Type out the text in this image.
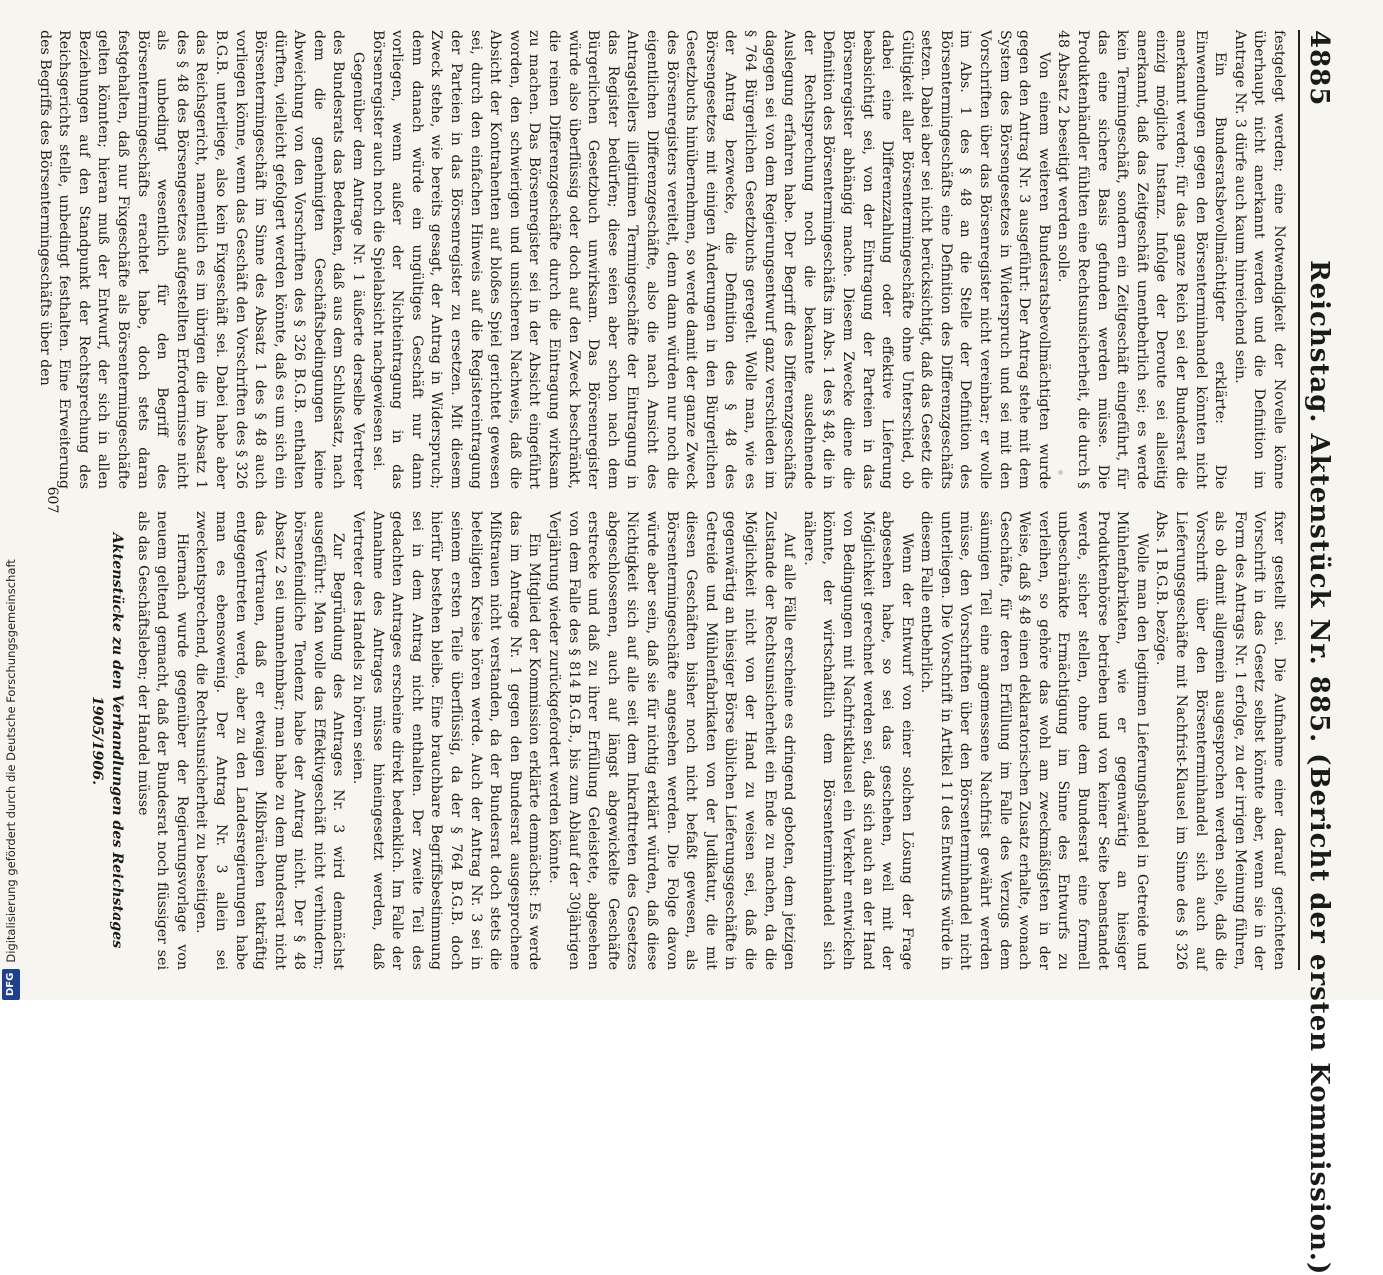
DFG
Digitalisierung gefördert durch die Deutsche Forschungsgemeinschaft
4885
Reichstag. Aktenstück Nr. 885. (Bericht der ersten Kommission.)

festgelegt werden; eine Notwendigkeit der Novelle könne überhaupt nicht anerkannt werden und die Definition im Antrage Nr. 3 dürfe auch kaum hinreichend sein.

Ein Bundesratsbevollmächtigter erklärte: Die Einwendungen gegen den Börsenterminhandel könnten nicht anerkannt werden; für das ganze Reich sei der Bundesrat die einzig mögliche Instanz. Infolge der Deroute sei allseitig anerkannt, daß das Zeitgeschäft unentbehrlich sei; es werde kein Termingeschäft, sondern ein Zeitgeschäft eingeführt, für das eine sichere Basis gefunden werden müsse. Die Produktenhändler fühlten eine Rechtsunsicherheit, die durch § 48 Absatz 2 beseitigt werden solle.

Von einem weiteren Bundesratsbevollmächtigten wurde gegen den Antrag Nr. 3 ausgeführt: Der Antrag stehe mit dem System des Börsengesetzes in Widerspruch und sei mit den Vorschriften über das Börsenregister nicht vereinbar; er wolle im Abs. 1 des § 48 an die Stelle der Definition des Börsentermingeschäfts eine Definition des Differenzgeschäfts setzen. Dabei aber sei nicht berücksichtigt, daß das Gesetz die Gültigkeit aller Börsentermingeschäfte ohne Unterschied, ob dabei eine Differenzzahlung oder effektive Lieferung beabsichtigt sei, von der Eintragung der Parteien in das Börsenregister abhängig mache. Diesem Zwecke diene die Definition des Börsentermingeschäfts im Abs. 1 des § 48, die in der Rechtsprechung noch die bekannte ausdehnende Auslegung erfahren habe. Der Begriff des Differenzgeschäfts dagegen sei von dem Regierungsentwurf ganz verschieden im § 764 Bürgerlichen Gesetzbuchs geregelt. Wolle man, wie es der Antrag bezwecke, die Definition des § 48 des Börsengesetzes mit einigen Änderungen in den Bürgerlichen Gesetzbuchs hinübernehmen, so werde damit der ganze Zweck des Börsenregisters vereitelt, denn dann würden nur noch die eigentlichen Differenzgeschäfte, also die nach Ansicht des Antragstellers illegitimen Termingeschäfte der Eintragung in das Register bedürfen; diese seien aber schon nach dem Bürgerlichen Gesetzbuch unwirksam. Das Börsenregister würde also überflüssig oder doch auf den Zweck beschränkt, die reinen Differenzgeschäfte durch die Eintragung wirksam zu machen. Das Börsenregister sei in der Absicht eingeführt worden, den schwierigen und unsicheren Nachweis, daß die Absicht der Kontrahenten auf bloßes Spiel gerichtet gewesen sei, durch den einfachen Hinweis auf die Registereintragung der Parteien in das Börsenregister zu ersetzen. Mit diesem Zweck stehe, wie bereits gesagt, der Antrag in Widerspruch; denn danach würde ein ungültiges Geschäft nur dann vorliegen, wenn außer der Nichteintragung in das Börsenregister auch noch die Spielabsicht nachgewiesen sei.

Gegenüber dem Antrage Nr. 1 äußerte derselbe Vertreter des Bundesrats das Bedenken, daß aus dem Schlußsatz, nach dem die genehmigten Geschäftsbedingungen keine Abweichung von den Vorschriften des § 326 B.G.B. enthalten dürften, vielleicht gefolgert werden könnte, daß es um sich ein Börsentermingeschäft im Sinne des Absatz 1 des § 48 auch vorliegen könne, wenn das Geschäft den Vorschriften des § 326 B.G.B. unterliege, also kein Fixgeschäft sei. Dabei habe aber das Reichsgericht, namentlich es im übrigen die im Absatz 1 des § 48 des Börsengesetzes aufgestellten Erfordernisse nicht als unbedingt wesentlich für den Begriff des Börsentermingeschäfts erachtet habe, doch stets daran festgehalten, daß nur Fixgeschäfte als Börsentermingeschäfte gelten könnten; hieran muß der Entwurf, der sich in allen Beziehungen auf den Standpunkt der Rechtsprechung des Reichsgerichts stelle, unbedingt festhalten. Eine Erweiterung des Begriffs des Börsentermingeschäfts über den

fixer gestellt sei. Die Aufnahme einer darauf gerichteten Vorschrift in das Gesetz selbst könnte aber, wenn sie in der Form des Antrags Nr. 1 erfolge, zu der irrigen Meinung führen, als ob damit allgemein ausgesprochen werden solle, daß die Vorschrift über den Börsenterminhandel sich auch auf Lieferungsgeschäfte mit Nachfrist-Klausel im Sinne des § 326 Abs. 1 B.G.B. bezöge.

Wolle man den legitimen Lieferungshandel in Getreide und Mühlenfabrikaten, wie er gegenwärtig an hiesiger Produktenbörse betrieben und von keiner Seite beanstandet werde, sicher stellen, ohne dem Bundesrat eine formell unbeschränkte Ermächtigung im Sinne des Entwurfs zu verleihen, so gehöre das wohl am zweckmäßigsten in der Weise, daß § 48 einen deklaratorischen Zusatz erhalte, wonach Geschäfte, für deren Erfüllung im Falle des Verzugs dem säumigen Teil eine angemessene Nachfrist gewährt werden müsse, den Vorschriften über den Börsenterminhandel nicht unterliegen. Die Vorschrift in Artikel 1 I des Entwurfs würde in diesem Falle entbehrlich.

Wenn der Entwurf von einer solchen Lösung der Frage abgesehen habe, so sei das geschehen, weil mit der Möglichkeit gerechnet werden sei, daß sich auch an der Hand von Bedingungen mit Nachfristklausel ein Verkehr entwickeln könnte, der wirtschaftlich dem Börsenterminhandel sich nähere.

Auf alle Fälle erscheine es dringend geboten, dem jetzigen Zustande der Rechtsunsicherheit ein Ende zu machen, da die Möglichkeit nicht von der Hand zu weisen sei, daß die gegenwärtig an hiesiger Börse üblichen Lieferungsgeschäfte in Getreide und Mühlenfabrikaten von der Judikatur, die mit diesen Geschäften bisher noch nicht befaßt gewesen, als Börsentermingeschäfte angesehen werden. Die Folge davon würde aber sein, daß sie für nichtig erklärt würden, daß diese Nichtigkeit sich auf alle seit dem Inkrafttreten des Gesetzes abgeschlossenen, auch auf längst abgewickelte Geschäfte erstrecke und daß zu ihrer Erfüllung Geleistete, abgesehen von dem Falle des § 814 B.G.B., bis zum Ablauf der 30jährigen Verjährung wieder zurückgefordert werden könnte.

Ein Mitglied der Kommission erklärte demnächst: Es werde das im Antrage Nr. 1 gegen den Bundesrat ausgesprochene Mißtrauen nicht verstanden, da der Bundesrat doch stets die beteiligten Kreise hören werde. Auch der Antrag Nr. 3 sei in seinem ersten Teile überflüssig, da der § 764 B.G.B. doch hierfür bestehen bleibe. Eine brauchbare Begriffsbestimmung sei in dem Antrag nicht enthalten. Der zweite Teil des gedachten Antrages erscheine direkt bedenklich. Im Falle der Annahme des Antrages müsse hineingesetzt werden, daß Vertreter des Handels zu hören seien.

Zur Begründung des Antrages Nr. 3 wird demnächst ausgeführt: Man wolle das Effektivgeschäft nicht verhindern; börsenfeindliche Tendenz habe der Antrag nicht. Der § 48 Absatz 2 sei unannehmbar; man habe zu dem Bundesrat nicht das Vertrauen, daß er etwaigen Mißbräuchen tatkräftig entgegentreten werde, aber zu den Landesregierungen habe man es ebensowenig. Der Antrag Nr. 3 allein sei zweckentsprechend, die Rechtsunsicherheit zu beseitigen.

Hiernach wurde gegenüber der Regierungsvorlage von neuem geltend gemacht, daß der Bundesrat noch flüssiger sei als das Geschäftsleben; der Handel müsse

Aktenstücke zu den Verhandlungen des Reichstages 1905/1906.

607
